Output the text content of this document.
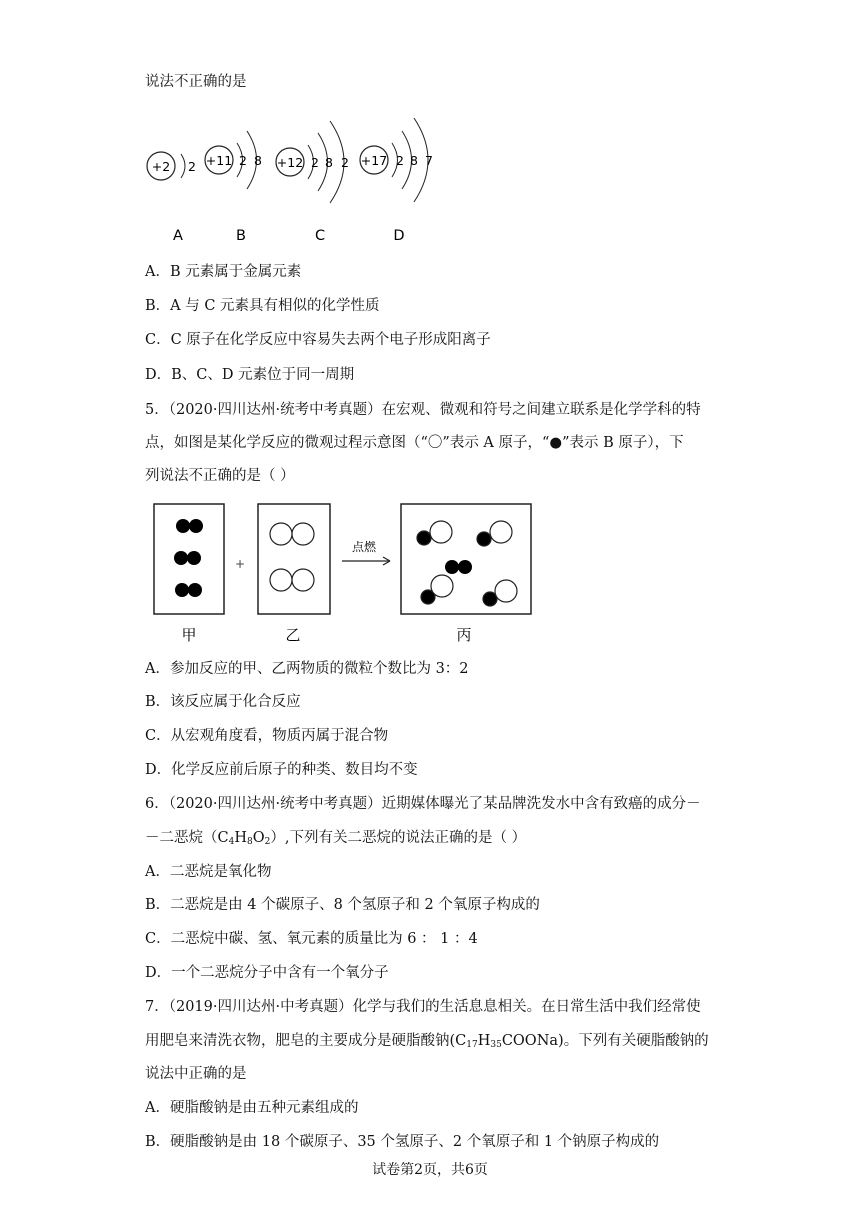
说法不正确的是
+2 2
A
+11 2 8
B
+12 2 8 2
C
+17 2 8 7
D
A．B 元素属于金属元素
B．A 与 C 元素具有相似的化学性质
C．C 原子在化学反应中容易失去两个电子形成阳离子
D．B、C、D 元素位于同一周期
5．（2020·四川达州·统考中考真题）在宏观、微观和符号之间建立联系是化学学科的特
点，如图是某化学反应的微观过程示意图（“〇”表示 A 原子，“●”表示 B 原子），下
列说法不正确的是（ ）
甲
+
乙
点燃
丙
A．参加反应的甲、乙两物质的微粒个数比为 3：2
B．该反应属于化合反应
C．从宏观角度看，物质丙属于混合物
D．化学反应前后原子的种类、数目均不变
6．（2020·四川达州·统考中考真题）近期媒体曝光了某品牌洗发水中含有致癌的成分－
－二恶烷$(C_4H_8O_2)$,下列有关二恶烷的说法正确的是（ ）
A．二恶烷是氧化物
B．二恶烷是由 4 个碳原子、8 个氢原子和 2 个氧原子构成的
C．二恶烷中碳、氢、氧元素的质量比为 6 ： 1 ：4
D．一个二恶烷分子中含有一个氧分子
7．（2019·四川达州·中考真题）化学与我们的生活息息相关。在日常生活中我们经常使
用肥皂来清洗衣物，肥皂的主要成分是硬脂酸钠$(C_{17}H_{35}COONa)$。下列有关硬脂酸钠的
说法中正确的是
A．硬脂酸钠是由五种元素组成的
B．硬脂酸钠是由 18 个碳原子、35 个氢原子、2 个氧原子和 1 个钠原子构成的
试卷第2页，共6页
